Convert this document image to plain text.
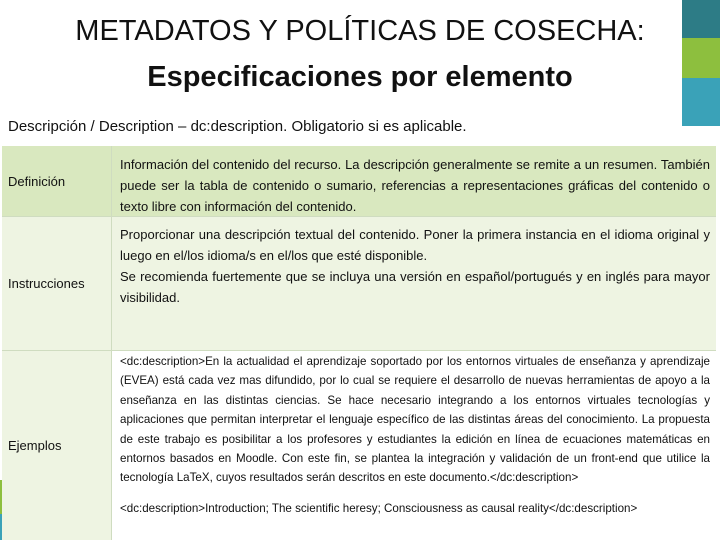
METADATOS Y POLÍTICAS DE COSECHA:
Especificaciones por elemento
Descripción / Description – dc:description. Obligatorio si es aplicable.
Definición
Información del contenido del recurso. La descripción generalmente se remite a un resumen. También puede ser la tabla de contenido o sumario, referencias a representaciones gráficas del contenido o texto libre con información del contenido.
Instrucciones
Proporcionar una descripción textual del contenido. Poner la primera instancia en el idioma original y luego en el/los idioma/s en el/los que esté disponible.
Se recomienda fuertemente que se incluya una versión en español/portugués y en inglés para mayor visibilidad.
Ejemplos

<dc:description>En la actualidad el aprendizaje soportado por los entornos virtuales de enseñanza y aprendizaje (EVEA) está cada vez mas difundido, por lo cual se requiere el desarrollo de nuevas herramientas de apoyo a la enseñanza en las distintas ciencias. Se hace necesario integrando a los entornos virtuales tecnologías y aplicaciones que permitan interpretar el lenguaje específico de las distintas áreas del conocimiento. La propuesta de este trabajo es posibilitar a los profesores y estudiantes la edición en línea de ecuaciones matemáticas en entornos basados en Moodle. Con este fin, se plantea la integración y validación de un front-end que utilice la tecnología LaTeX, cuyos resultados serán descritos en este documento.</dc:description>

<dc:description>Introduction; The scientific heresy; Consciousness as causal reality</dc:description>
